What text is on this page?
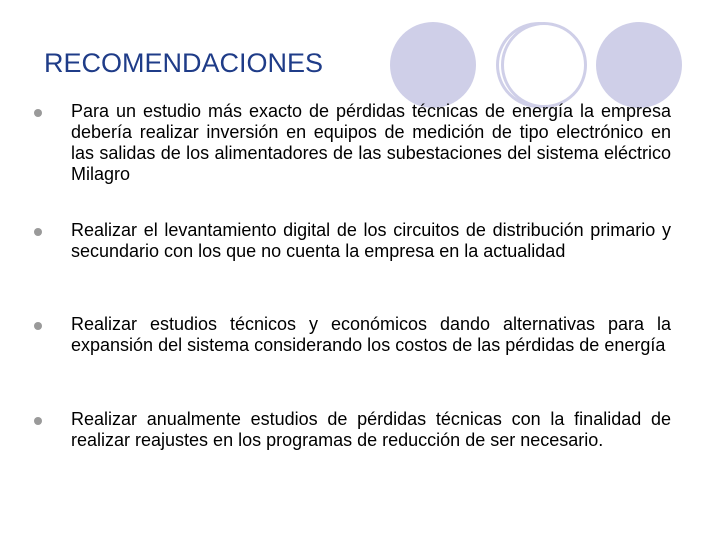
RECOMENDACIONES
Para un estudio más exacto de pérdidas técnicas de energía la empresa debería realizar inversión en equipos de medición de tipo electrónico en las salidas de los alimentadores de las subestaciones del sistema eléctrico Milagro
Realizar el levantamiento digital de los circuitos de distribución primario y secundario con los que no cuenta la empresa en la actualidad
Realizar estudios técnicos y económicos dando alternativas para la expansión del sistema considerando los costos de las pérdidas de energía
Realizar anualmente estudios de pérdidas técnicas con la finalidad de realizar reajustes en los programas de reducción de ser necesario.
